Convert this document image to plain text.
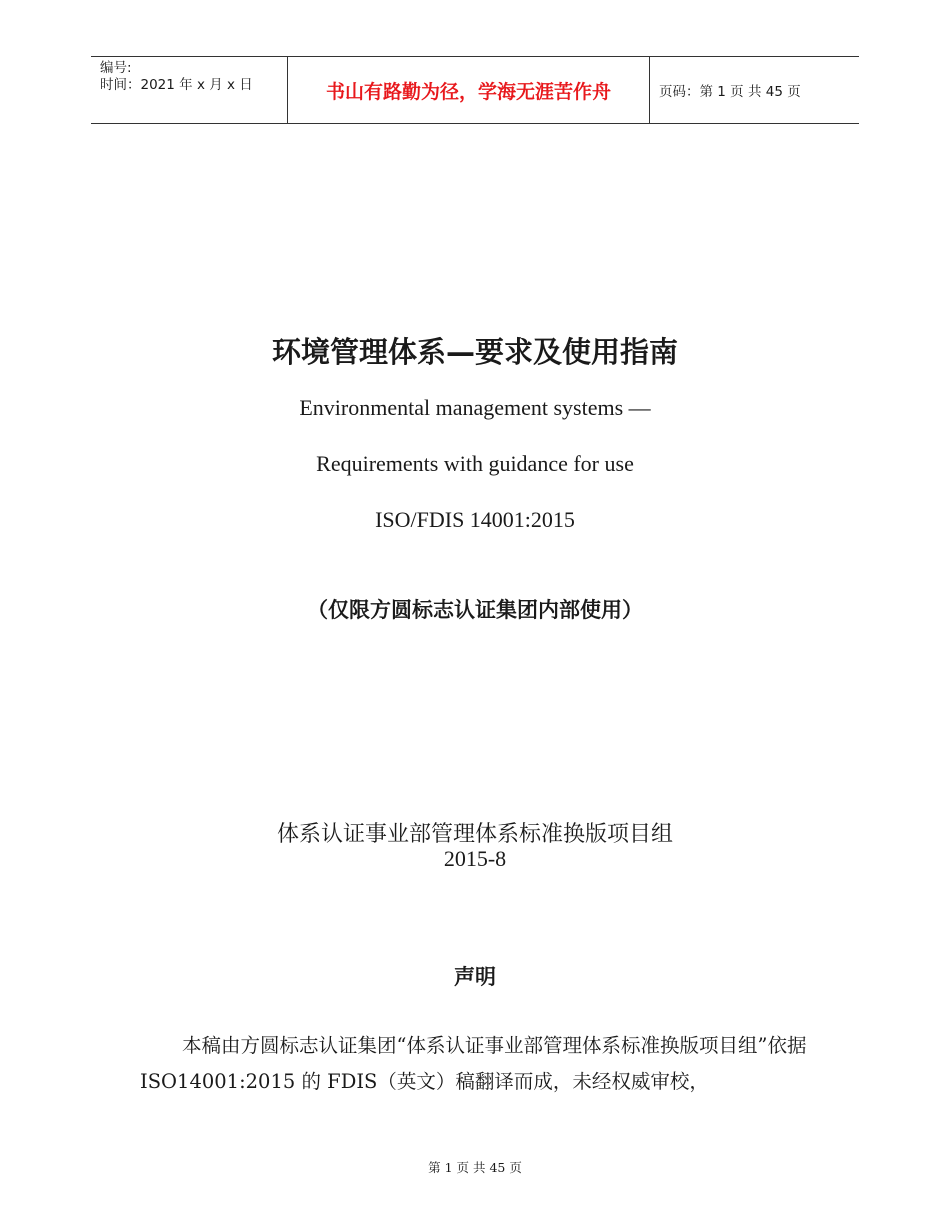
编号:
时间：2021 年 x 月 x 日	书山有路勤为径，学海无涯苦作舟	页码：第 1 页 共 45 页
环境管理体系—要求及使用指南
Environmental management systems —
Requirements with guidance for use
ISO/FDIS 14001:2015
（仅限方圆标志认证集团内部使用）
体系认证事业部管理体系标准换版项目组
2015-8
声明
本稿由方圆标志认证集团“体系认证事业部管理体系标准换版项目组”依据 ISO14001:2015 的 FDIS（英文）稿翻译而成，未经权威审校，
第 1 页 共 45 页
